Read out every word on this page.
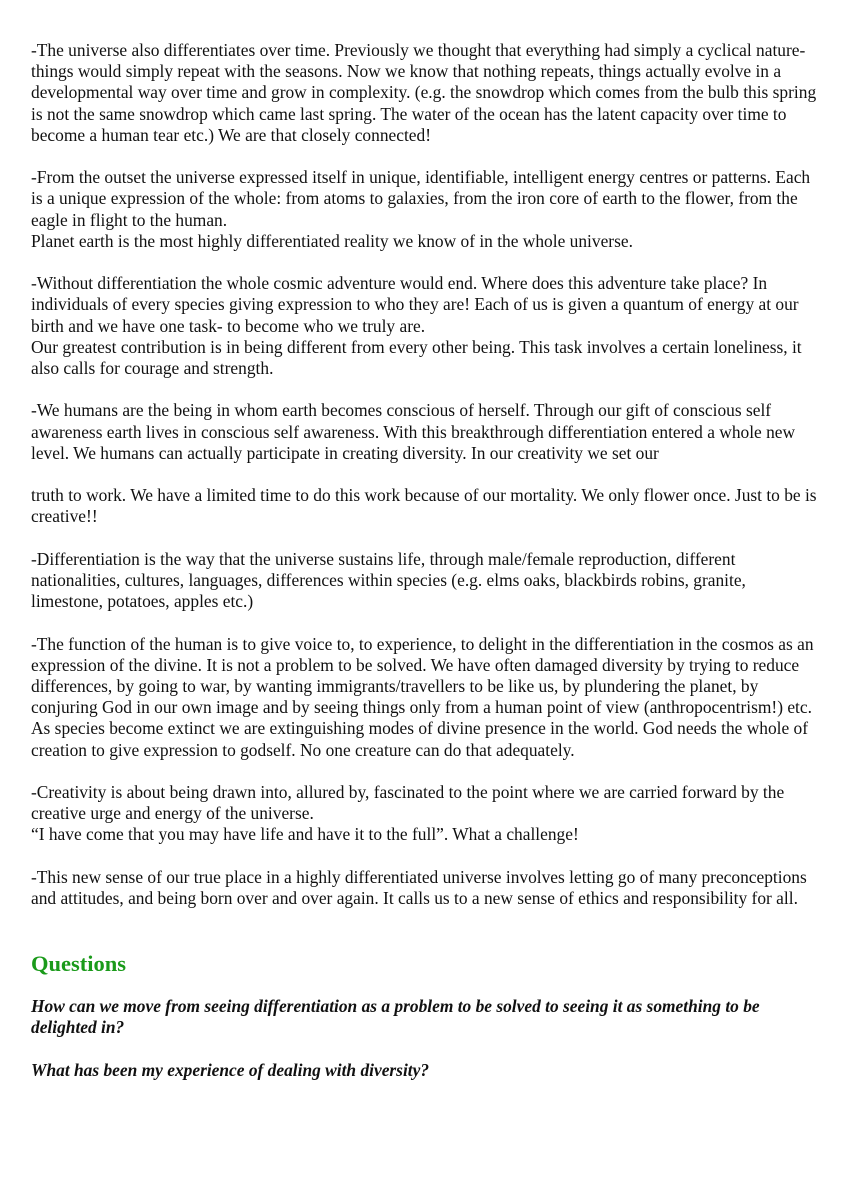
-The universe also differentiates over time. Previously we thought that everything had simply a cyclical nature- things would simply repeat with the seasons. Now we know that nothing repeats, things actually evolve in a developmental way over time and grow in complexity. (e.g. the snowdrop which comes from the bulb this spring is not the same snowdrop which came last spring. The water of the ocean has the latent capacity over time to become a human tear etc.) We are that closely connected!
-From the outset the universe expressed itself in unique, identifiable, intelligent energy centres or patterns. Each is a unique expression of the whole: from atoms to galaxies, from the iron core of earth to the flower, from the eagle in flight to the human.
Planet earth is the most highly differentiated reality we know of in the whole universe.
-Without differentiation the whole cosmic adventure would end. Where does this adventure take place? In individuals of every species giving expression to who they are! Each of us is given a quantum of energy at our birth and we have one task- to become who we truly are.
Our greatest contribution is in being different from every other being. This task involves a certain loneliness, it also calls for courage and strength.
-We humans are the being in whom earth becomes conscious of herself. Through our gift of conscious self awareness earth lives in conscious self awareness. With this breakthrough differentiation entered a whole new level. We humans can actually participate in creating diversity. In our creativity we set our
truth to work. We have a limited time to do this work because of our mortality. We only flower once. Just to be is creative!!
-Differentiation is the way that the universe sustains life, through male/female reproduction, different nationalities, cultures, languages, differences within species (e.g. elms oaks, blackbirds robins, granite, limestone, potatoes, apples etc.)
-The function of the human is to give voice to, to experience, to delight in the differentiation in the cosmos as an expression of the divine. It is not a problem to be solved. We have often damaged diversity by trying to reduce differences, by going to war, by wanting immigrants/travellers to be like us, by plundering the planet, by conjuring God in our own image and by seeing things only from a human point of view (anthropocentrism!) etc. As species become extinct we are extinguishing modes of divine presence in the world. God needs the whole of creation to give expression to godself. No one creature can do that adequately.
-Creativity is about being drawn into, allured by, fascinated to the point where we are carried forward by the creative urge and energy of the universe.
“I have come that you may have life and have it to the full”. What a challenge!
-This new sense of our true place in a highly differentiated universe involves letting go of many preconceptions and attitudes, and being born over and over again. It calls us to a new sense of ethics and responsibility for all.
Questions
How can we move from seeing differentiation as a problem to be solved to seeing it as something to be delighted in?
What has been my experience of dealing with diversity?
